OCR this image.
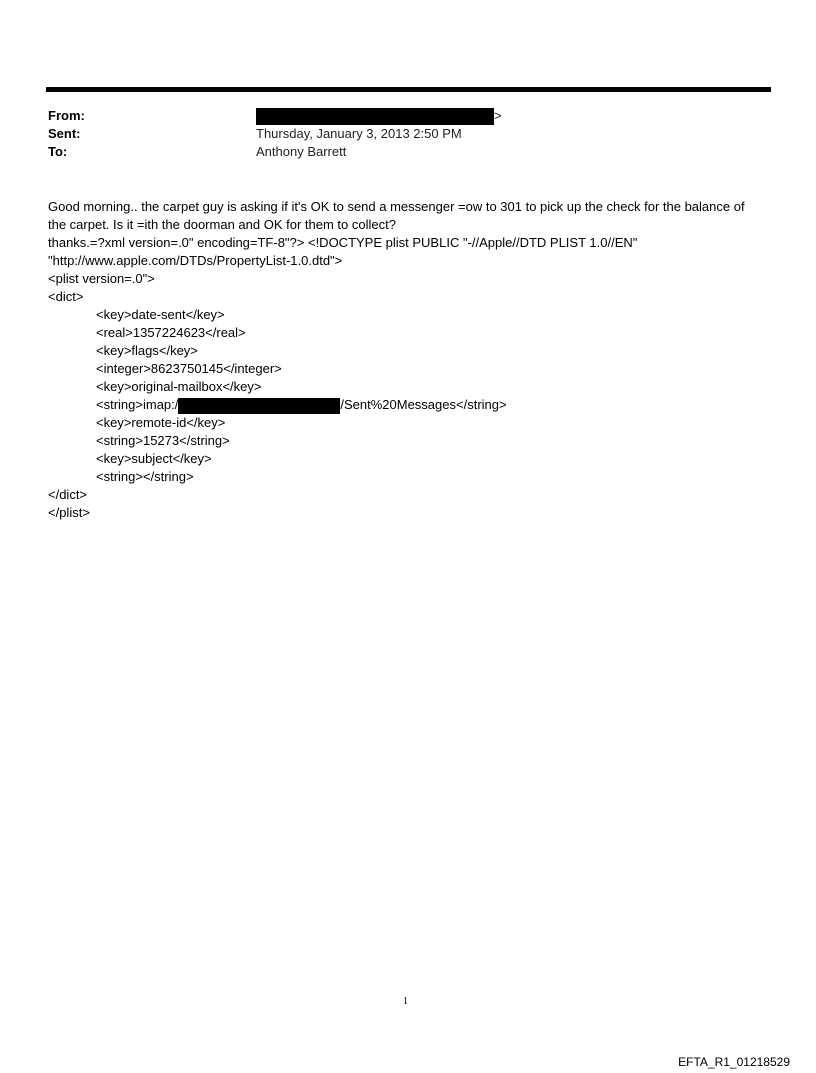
From:	>
Sent:	Thursday, January 3, 2013 2:50 PM
To:	Anthony Barrett
Good morning.. the carpet guy is asking if it's OK to send a messenger =ow to 301 to pick up the check for the balance of
the carpet. Is it =ith the doorman and OK for them to collect?
thanks.=?xml version=.0" encoding=TF-8"?> <!DOCTYPE plist PUBLIC "-//Apple//DTD PLIST 1.0//EN"
"http://www.apple.com/DTDs/PropertyList-1.0.dtd">
<plist version=.0">
<dict>
<key>date-sent</key>
<real>1357224623</real>
<key>flags</key>
<integer>8623750145</integer>
<key>original-mailbox</key>
<string>imap:/	/Sent%20Messages</string>
<key>remote-id</key>
<string>15273</string>
<key>subject</key>
<string></string>
</dict>
</plist>
1
EFTA_R1_01218529
